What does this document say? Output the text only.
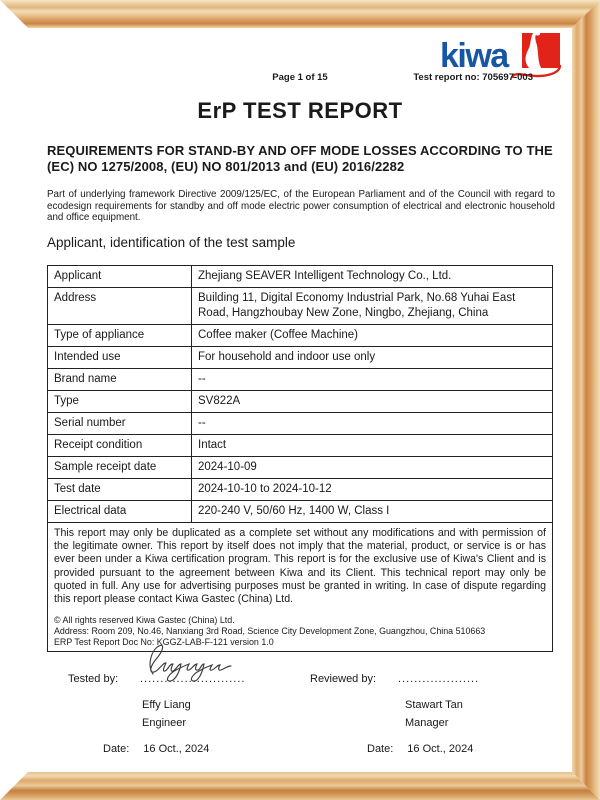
kiwa
Page 1 of 15	Test report no: 705697-003
ErP TEST REPORT
REQUIREMENTS FOR STAND-BY AND OFF MODE LOSSES ACCORDING TO THE (EC) NO 1275/2008, (EU) NO 801/2013 and (EU) 2016/2282
Part of underlying framework Directive 2009/125/EC, of the European Parliament and of the Council with regard to ecodesign requirements for standby and off mode electric power consumption of electrical and electronic household and office equipment.
Applicant, identification of the test sample
Applicant	Zhejiang SEAVER Intelligent Technology Co., Ltd.
Address	Building 11, Digital Economy Industrial Park, No.68 Yuhai East Road, Hangzhoubay New Zone, Ningbo, Zhejiang, China
Type of appliance	Coffee maker (Coffee Machine)
Intended use	For household and indoor use only
Brand name	--
Type	SV822A
Serial number	--
Receipt condition	Intact
Sample receipt date	2024-10-09
Test date	2024-10-10 to 2024-10-12
Electrical data	220-240 V, 50/60 Hz, 1400 W, Class I
This report may only be duplicated as a complete set without any modifications and with permission of the legitimate owner. This report by itself does not imply that the material, product, or service is or has ever been under a Kiwa certification program. This report is for the exclusive use of Kiwa's Client and is provided pursuant to the agreement between Kiwa and its Client. This technical report may only be quoted in full. Any use for advertising purposes must be granted in writing. In case of dispute regarding this report please contact Kiwa Gastec (China) Ltd.
© All rights reserved Kiwa Gastec (China) Ltd.
Address: Room 209, No.46, Nanxiang 3rd Road, Science City Development Zone, Guangzhou, China 510663
ERP Test Report Doc No: KGGZ-LAB-F-121 version 1.0
Tested by: ..........................
Effy Liang
Engineer
Date: 16 Oct., 2024
Reviewed by: ....................
Stawart Tan
Manager
Date: 16 Oct., 2024
